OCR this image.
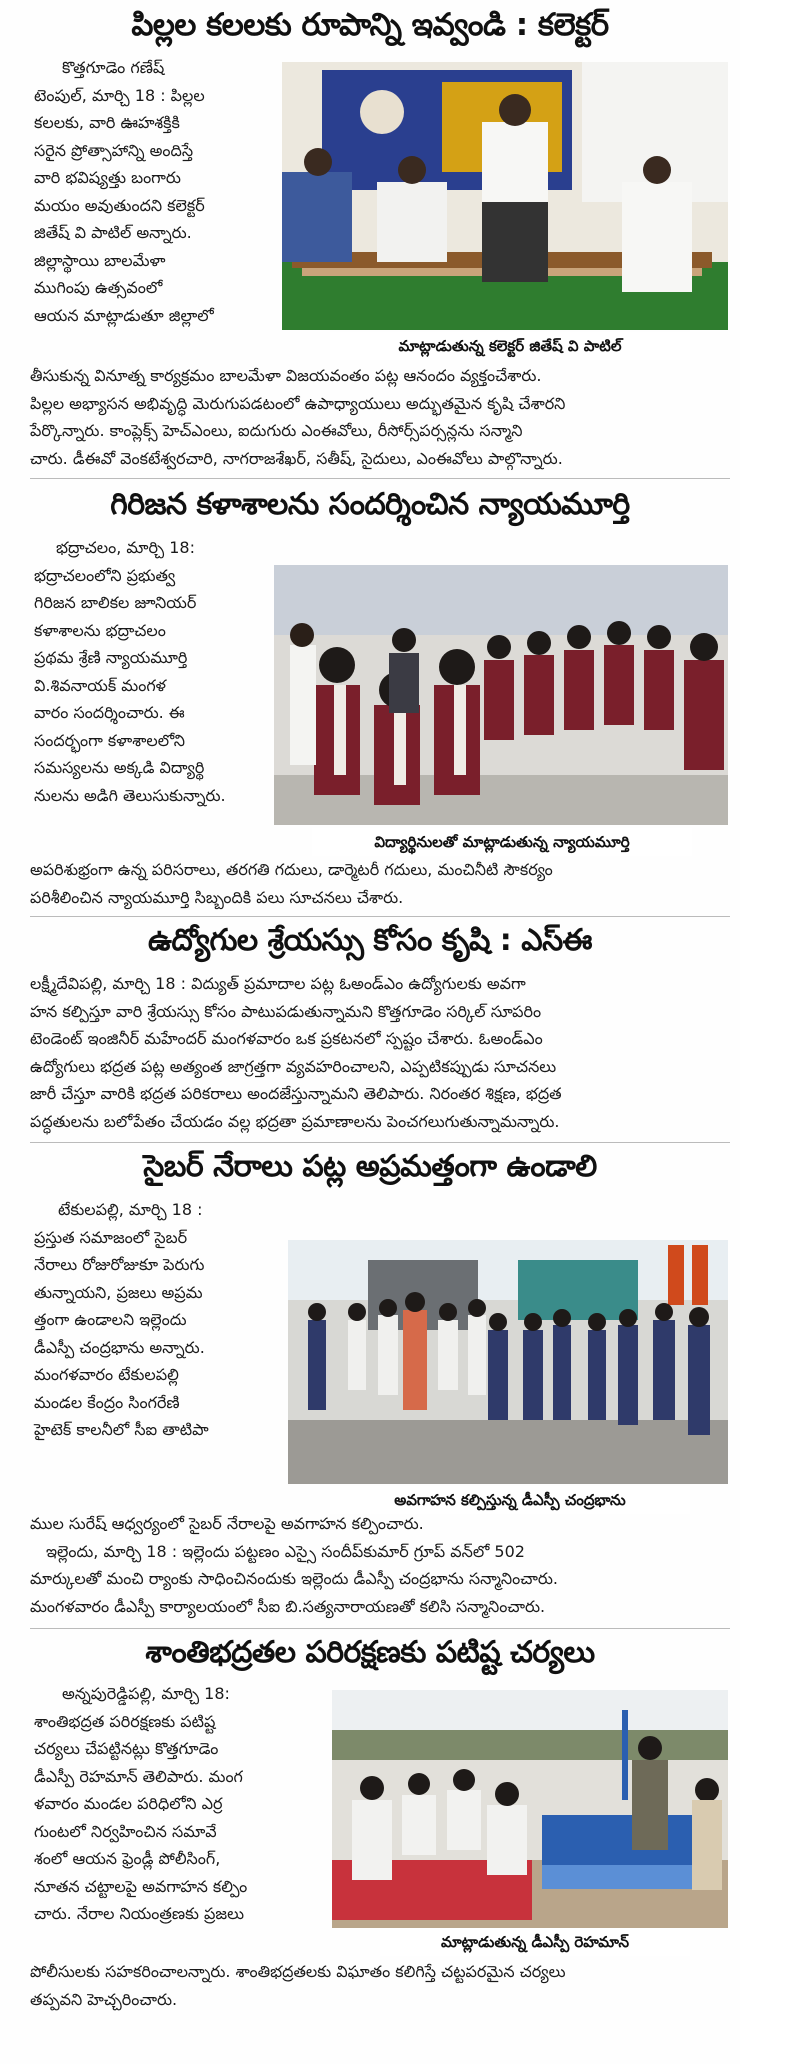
పిల్లల కలలకు రూపాన్ని ఇవ్వండి : కలెక్టర్
కొత్తగూడెం గణేష్
టెంపుల్, మార్చి 18 : పిల్లల
కలలకు, వారి ఊహశక్తికి
సరైన ప్రోత్సాహాన్ని అందిస్తే
వారి భవిష్యత్తు బంగారు
మయం అవుతుందని కలెక్టర్
జితేష్ వి పాటిల్ అన్నారు.
జిల్లాస్థాయి బాలమేళా
ముగింపు ఉత్సవంలో
ఆయన మాట్లాడుతూ జిల్లాలో
మాట్లాడుతున్న కలెక్టర్ జితేష్ వి పాటిల్
తీసుకున్న వినూత్న కార్యక్రమం బాలమేళా విజయవంతం పట్ల ఆనందం వ్యక్తంచేశారు.
పిల్లల అభ్యాసన అభివృద్ధి మెరుగుపడటంలో ఉపాధ్యాయులు అద్భుతమైన కృషి చేశారని
పేర్కొన్నారు. కాంప్లెక్స్ హెచ్ఎంలు, ఐదుగురు ఎంఈవోలు, రీసోర్స్‌పర్సన్లను సన్మాని
చారు. డీఈవో వెంకటేశ్వరచారి, నాగరాజశేఖర్, సతీష్, సైదులు, ఎంఈవోలు పాల్గొన్నారు.
గిరిజన కళాశాలను సందర్శించిన న్యాయమూర్తి
భద్రాచలం, మార్చి 18:
భద్రాచలంలోని ప్రభుత్వ
గిరిజన బాలికల జూనియర్
కళాశాలను భద్రాచలం
ప్రథమ శ్రేణి న్యాయమూర్తి
వి.శివనాయక్ మంగళ
వారం సందర్శించారు. ఈ
సందర్భంగా కళాశాలలోని
సమస్యలను అక్కడి విద్యార్థి
నులను అడిగి తెలుసుకున్నారు.
విద్యార్థినులతో మాట్లాడుతున్న న్యాయమూర్తి
అపరిశుభ్రంగా ఉన్న పరిసరాలు, తరగతి గదులు, డార్మెటరీ గదులు, మంచినీటి సౌకర్యం
పరిశీలించిన న్యాయమూర్తి సిబ్బందికి పలు సూచనలు చేశారు.
ఉద్యోగుల శ్రేయస్సు కోసం కృషి : ఎస్ఈ
లక్ష్మీదేవిపల్లి, మార్చి 18 : విద్యుత్ ప్రమాదాల పట్ల ఓఅండ్ఎం ఉద్యోగులకు అవగా
హన కల్పిస్తూ వారి శ్రేయస్సు కోసం పాటుపడుతున్నామని కొత్తగూడెం సర్కిల్ సూపరిం
టెండెంట్ ఇంజినీర్ మహేందర్ మంగళవారం ఒక ప్రకటనలో స్పష్టం చేశారు. ఓఅండ్ఎం
ఉద్యోగులు భద్రత పట్ల అత్యంత జాగ్రత్తగా వ్యవహరించాలని, ఎప్పటికప్పుడు సూచనలు
జారీ చేస్తూ వారికి భద్రత పరికరాలు అందజేస్తున్నామని తెలిపారు. నిరంతర శిక్షణ, భద్రత
పద్ధతులను బలోపేతం చేయడం వల్ల భద్రతా ప్రమాణాలను పెంచగలుగుతున్నామన్నారు.
సైబర్ నేరాలు పట్ల అప్రమత్తంగా ఉండాలి
టేకులపల్లి, మార్చి 18 :
ప్రస్తుత సమాజంలో సైబర్
నేరాలు రోజురోజుకూ పెరుగు
తున్నాయని, ప్రజలు అప్రమ
త్తంగా ఉండాలని ఇల్లెందు
డీఎస్పీ చంద్రభాను అన్నారు.
మంగళవారం టేకులపల్లి
మండల కేంద్రం సింగరేణి
హైటెక్ కాలనీలో సీఐ తాటిపా
అవగాహన కల్పిస్తున్న డీఎస్పీ చంద్రభాను
ముల సురేష్ ఆధ్వర్యంలో సైబర్ నేరాలపై అవగాహన కల్పించారు.
ఇల్లెందు, మార్చి 18 : ఇల్లెందు పట్టణం ఎస్సై సందీప్‌కుమార్ గ్రూప్ వన్‌లో 502
మార్కులతో మంచి ర్యాంకు సాధించినందుకు ఇల్లెందు డీఎస్పీ చంద్రభాను సన్మానించారు.
మంగళవారం డీఎస్పీ కార్యాలయంలో సీఐ బి.సత్యనారాయణతో కలిసి సన్మానించారు.
శాంతిభద్రతల పరిరక్షణకు పటిష్ట చర్యలు
అన్నపురెడ్డిపల్లి, మార్చి 18:
శాంతిభద్రత పరిరక్షణకు పటిష్ట
చర్యలు చేపట్టినట్లు కొత్తగూడెం
డీఎస్పీ రెహమాన్ తెలిపారు. మంగ
ళవారం మండల పరిధిలోని ఎర్ర
గుంటలో నిర్వహించిన సమావే
శంలో ఆయన ఫ్రెండ్లీ పోలీసింగ్,
నూతన చట్టాలపై అవగాహన కల్పిం
చారు. నేరాల నియంత్రణకు ప్రజలు
మాట్లాడుతున్న డీఎస్పీ రెహమాన్
పోలీసులకు సహకరించాలన్నారు. శాంతిభద్రతలకు విఘాతం కలిగిస్తే చట్టపరమైన చర్యలు
తప్పవని హెచ్చరించారు.
